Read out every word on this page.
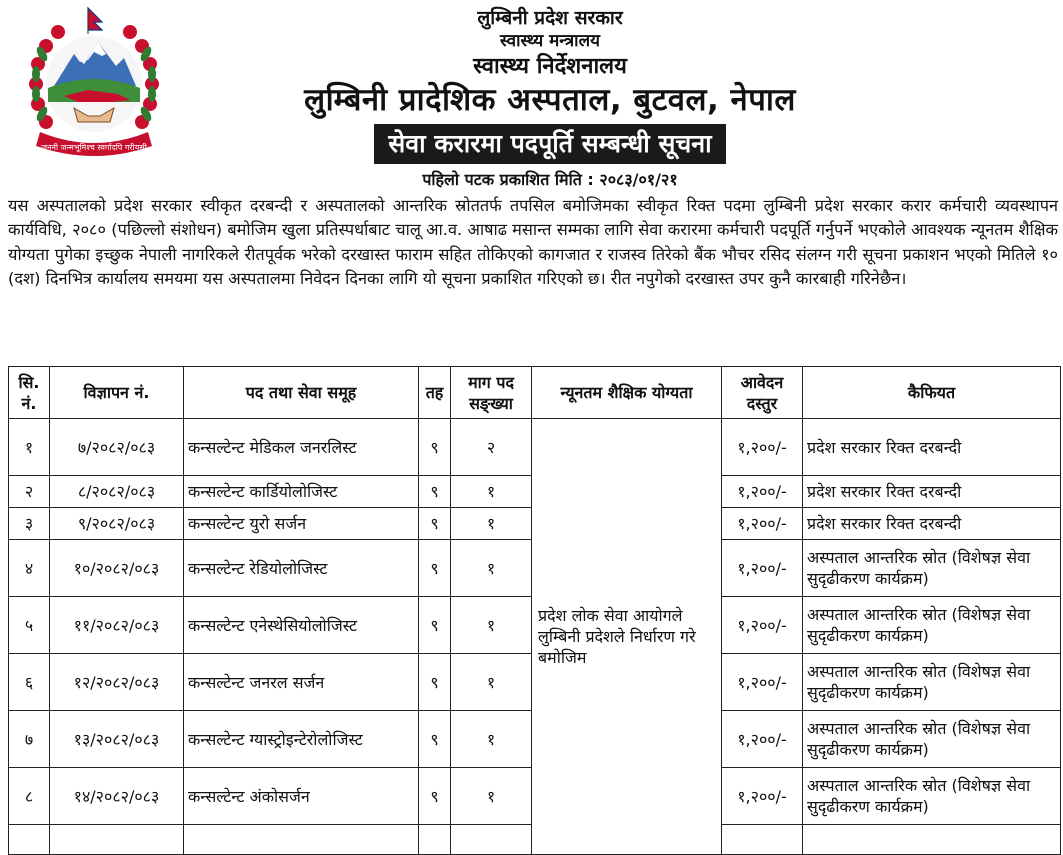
जननी जन्मभूमिश्च स्वर्गादपि गरीयसी
लुम्बिनी प्रदेश सरकार
स्वास्थ्य मन्त्रालय
स्वास्थ्य निर्देशनालय
लुम्बिनी प्रादेशिक अस्पताल, बुटवल, नेपाल
सेवा करारमा पदपूर्ति सम्बन्धी सूचना
पहिलो पटक प्रकाशित मिति : २०८३/०१/२१
यस अस्पतालको प्रदेश सरकार स्वीकृत दरबन्दी र अस्पतालको आन्तरिक स्रोततर्फ तपसिल बमोजिमका स्वीकृत रिक्त पदमा लुम्बिनी प्रदेश सरकार करार कर्मचारी व्यवस्थापन कार्यविधि, २०८० (पछिल्लो संशोधन) बमोजिम खुला प्रतिस्पर्धाबाट चालू आ.व. आषाढ मसान्त सम्मका लागि सेवा करारमा कर्मचारी पदपूर्ति गर्नुपर्ने भएकोले आवश्यक न्यूनतम शैक्षिक योग्यता पुगेका इच्छुक नेपाली नागरिकले रीतपूर्वक भरेको दरखास्त फाराम सहित तोकिएको कागजात र राजस्व तिरेको बैंक भौचर रसिद संलग्न गरी सूचना प्रकाशन भएको मितिले १० (दश) दिनभित्र कार्यालय समयमा यस अस्पतालमा निवेदन दिनका लागि यो सूचना प्रकाशित गरिएको छ। रीत नपुगेको दरखास्त उपर कुनै कारबाही गरिनेछैन।
सि. नं.	विज्ञापन नं.	पद तथा सेवा समूह	तह	माग पद सङ्ख्या	न्यूनतम शैक्षिक योग्यता	आवेदन दस्तुर	कैफियत
१	७/२०८२/०८३	कन्सल्टेन्ट मेडिकल जनरलिस्ट	९	२	प्रदेश लोक सेवा आयोगले लुम्बिनी प्रदेशले निर्धारण गरे बमोजिम	१,२००/-	प्रदेश सरकार रिक्त दरबन्दी
२	८/२०८२/०८३	कन्सल्टेन्ट कार्डियोलोजिस्ट	९	१		१,२००/-	प्रदेश सरकार रिक्त दरबन्दी
३	९/२०८२/०८३	कन्सल्टेन्ट युरो सर्जन	९	१		१,२००/-	प्रदेश सरकार रिक्त दरबन्दी
४	१०/२०८२/०८३	कन्सल्टेन्ट रेडियोलोजिस्ट	९	१		१,२००/-	अस्पताल आन्तरिक स्रोत (विशेषज्ञ सेवा सुदृढीकरण कार्यक्रम)
५	११/२०८२/०८३	कन्सल्टेन्ट एनेस्थेसियोलोजिस्ट	९	१		१,२००/-	अस्पताल आन्तरिक स्रोत (विशेषज्ञ सेवा सुदृढीकरण कार्यक्रम)
६	१२/२०८२/०८३	कन्सल्टेन्ट जनरल सर्जन	९	१		१,२००/-	अस्पताल आन्तरिक स्रोत (विशेषज्ञ सेवा सुदृढीकरण कार्यक्रम)
७	१३/२०८२/०८३	कन्सल्टेन्ट ग्यास्ट्रोइन्टेरोलोजिस्ट	९	१		१,२००/-	अस्पताल आन्तरिक स्रोत (विशेषज्ञ सेवा सुदृढीकरण कार्यक्रम)
८	१४/२०८२/०८३	कन्सल्टेन्ट अंकोसर्जन	९	१		१,२००/-	अस्पताल आन्तरिक स्रोत (विशेषज्ञ सेवा सुदृढीकरण कार्यक्रम)
